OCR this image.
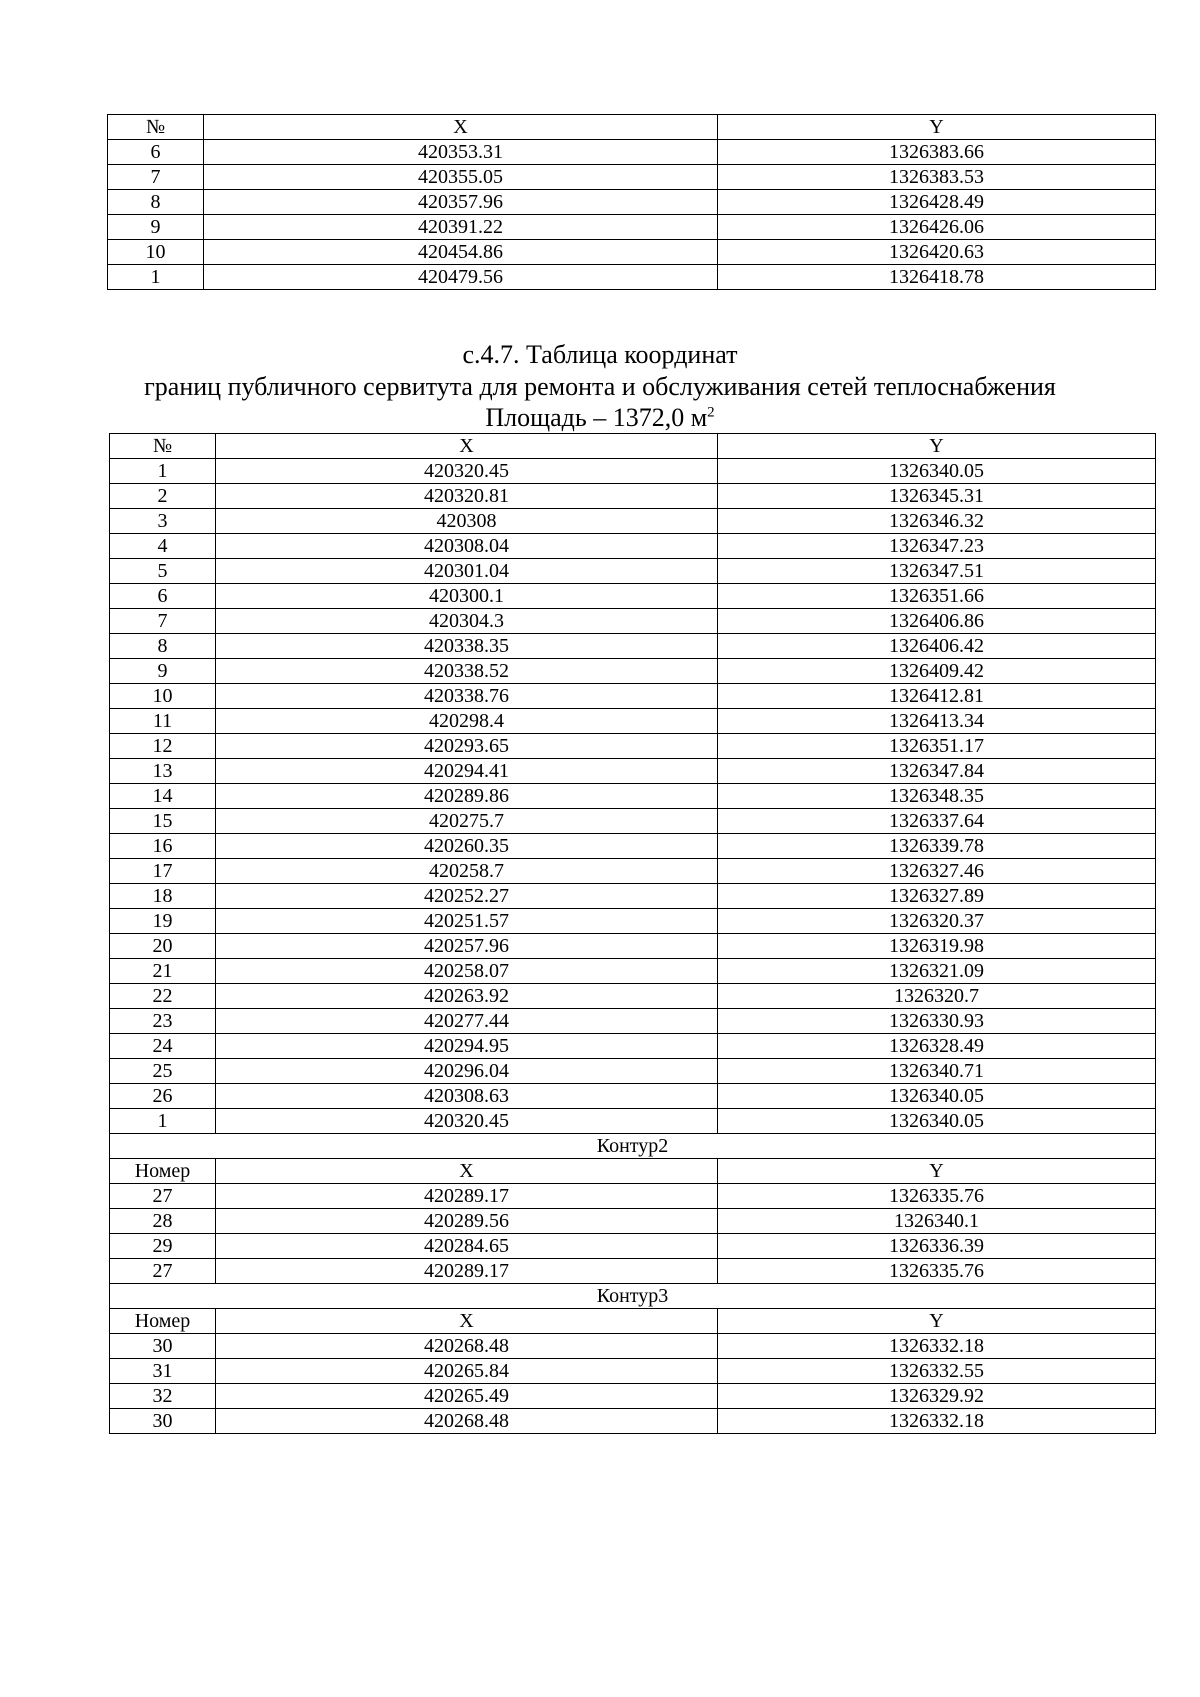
№	X	Y
6	420353.31	1326383.66
7	420355.05	1326383.53
8	420357.96	1326428.49
9	420391.22	1326426.06
10	420454.86	1326420.63
1	420479.56	1326418.78
с.4.7. Таблица координат
границ публичного сервитута для ремонта и обслуживания сетей теплоснабжения
Площадь – 1372,0 $м^2$
№	X	Y
1	420320.45	1326340.05
2	420320.81	1326345.31
3	420308	1326346.32
4	420308.04	1326347.23
5	420301.04	1326347.51
6	420300.1	1326351.66
7	420304.3	1326406.86
8	420338.35	1326406.42
9	420338.52	1326409.42
10	420338.76	1326412.81
11	420298.4	1326413.34
12	420293.65	1326351.17
13	420294.41	1326347.84
14	420289.86	1326348.35
15	420275.7	1326337.64
16	420260.35	1326339.78
17	420258.7	1326327.46
18	420252.27	1326327.89
19	420251.57	1326320.37
20	420257.96	1326319.98
21	420258.07	1326321.09
22	420263.92	1326320.7
23	420277.44	1326330.93
24	420294.95	1326328.49
25	420296.04	1326340.71
26	420308.63	1326340.05
1	420320.45	1326340.05
Контур2		
Номер	X	Y
27	420289.17	1326335.76
28	420289.56	1326340.1
29	420284.65	1326336.39
27	420289.17	1326335.76
Контур3		
Номер	X	Y
30	420268.48	1326332.18
31	420265.84	1326332.55
32	420265.49	1326329.92
30	420268.48	1326332.18
